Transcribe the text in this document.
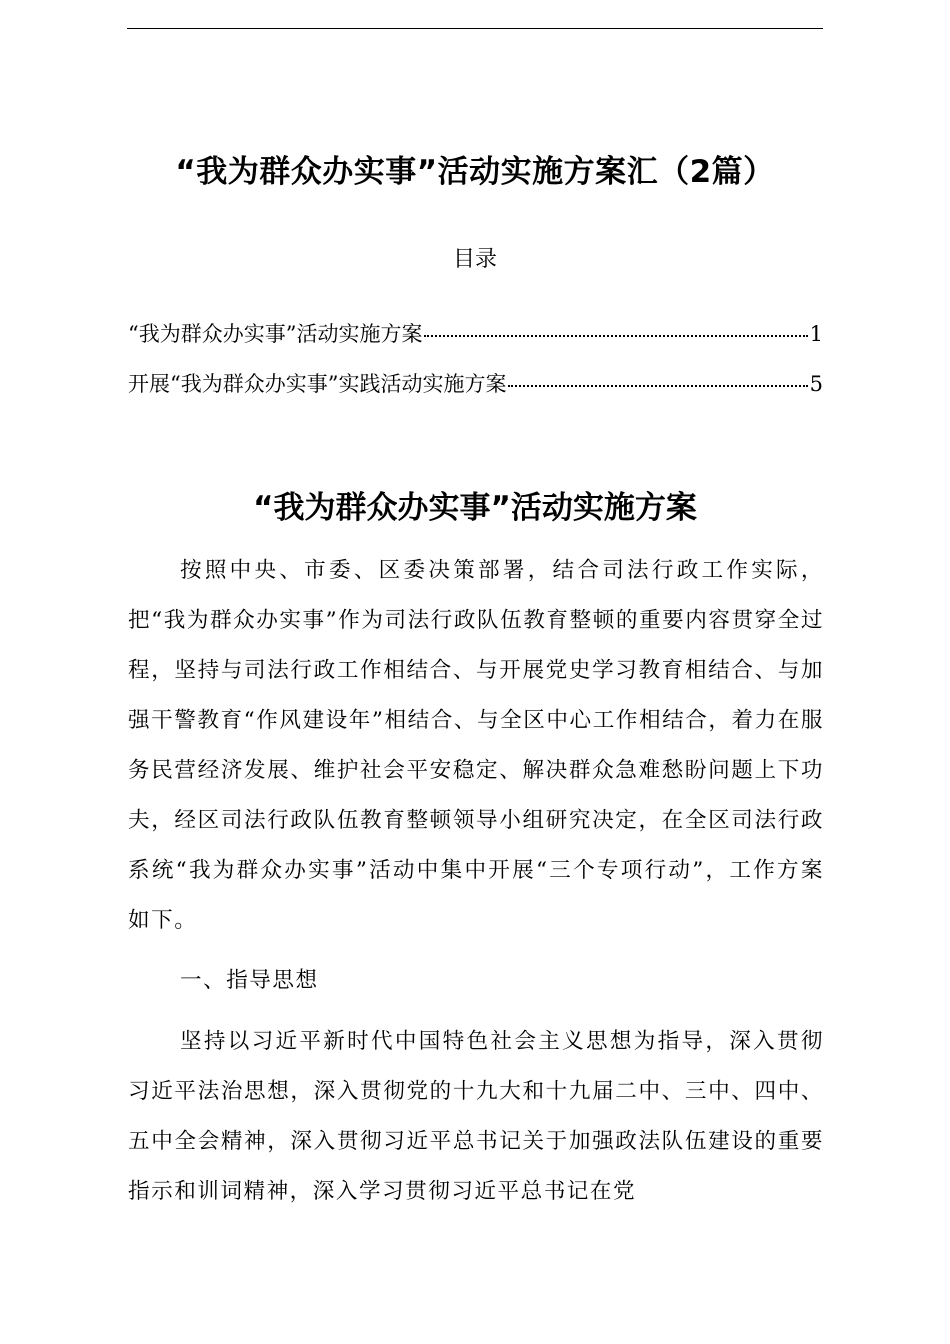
“我为群众办实事”活动实施方案汇（2篇）
目录
“我为群众办实事”活动实施方案	1
开展“我为群众办实事”实践活动实施方案	5
“我为群众办实事”活动实施方案

按照中央、市委、区委决策部署，结合司法行政工作实际，把“我为群众办实事”作为司法行政队伍教育整顿的重要内容贯穿全过程，坚持与司法行政工作相结合、与开展党史学习教育相结合、与加强干警教育“作风建设年”相结合、与全区中心工作相结合，着力在服务民营经济发展、维护社会平安稳定、解决群众急难愁盼问题上下功夫，经区司法行政队伍教育整顿领导小组研究决定，在全区司法行政系统“我为群众办实事”活动中集中开展“三个专项行动”，工作方案如下。

一、指导思想

坚持以习近平新时代中国特色社会主义思想为指导，深入贯彻习近平法治思想，深入贯彻党的十九大和十九届二中、三中、四中、五中全会精神，深入贯彻习近平总书记关于加强政法队伍建设的重要指示和训词精神，深入学习贯彻习近平总书记在党
